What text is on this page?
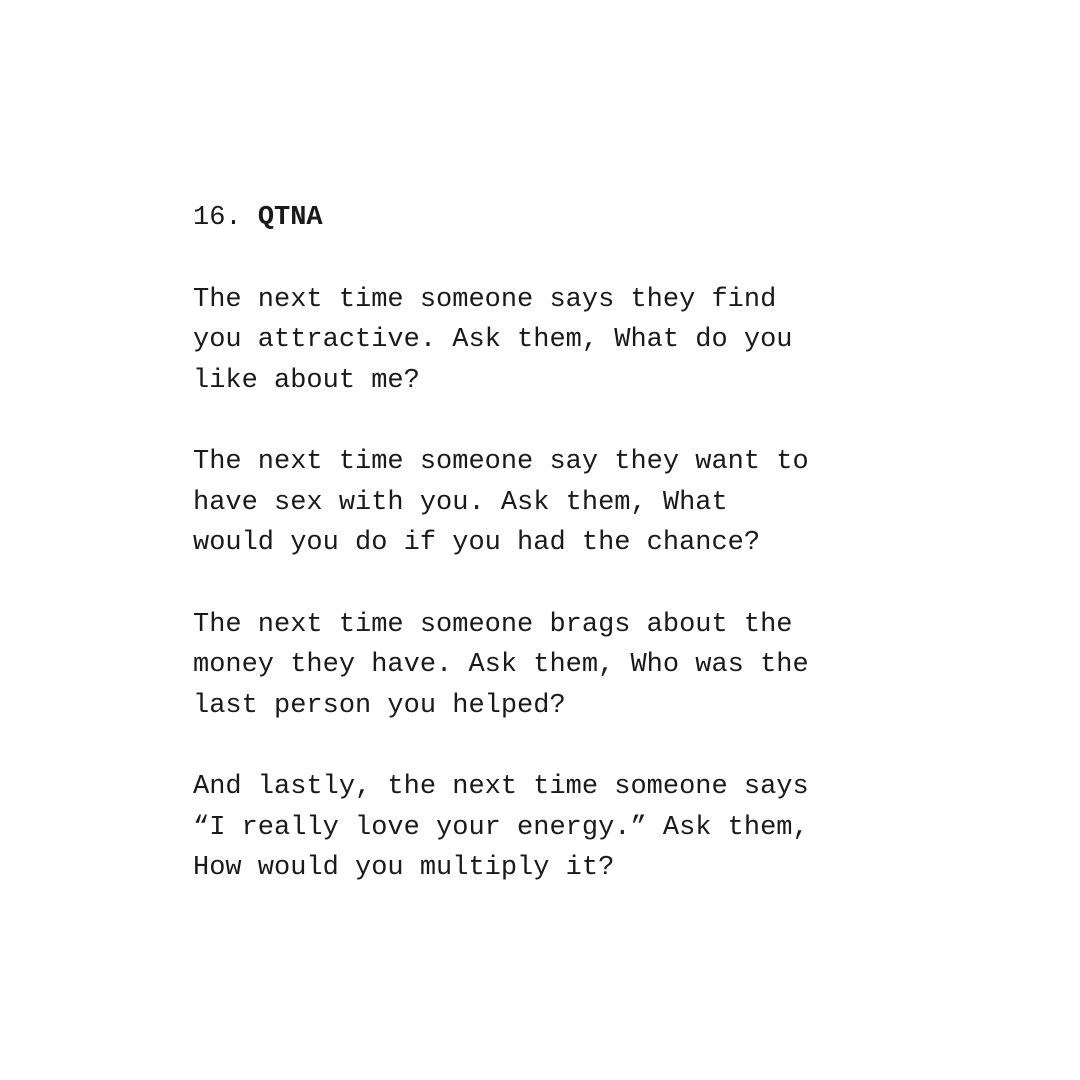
16. QTNA
The next time someone says they find
you attractive. Ask them, What do you
like about me?
The next time someone say they want to
have sex with you. Ask them, What
would you do if you had the chance?
The next time someone brags about the
money they have. Ask them, Who was the
last person you helped?
And lastly, the next time someone says
“I really love your energy.” Ask them,
How would you multiply it?
